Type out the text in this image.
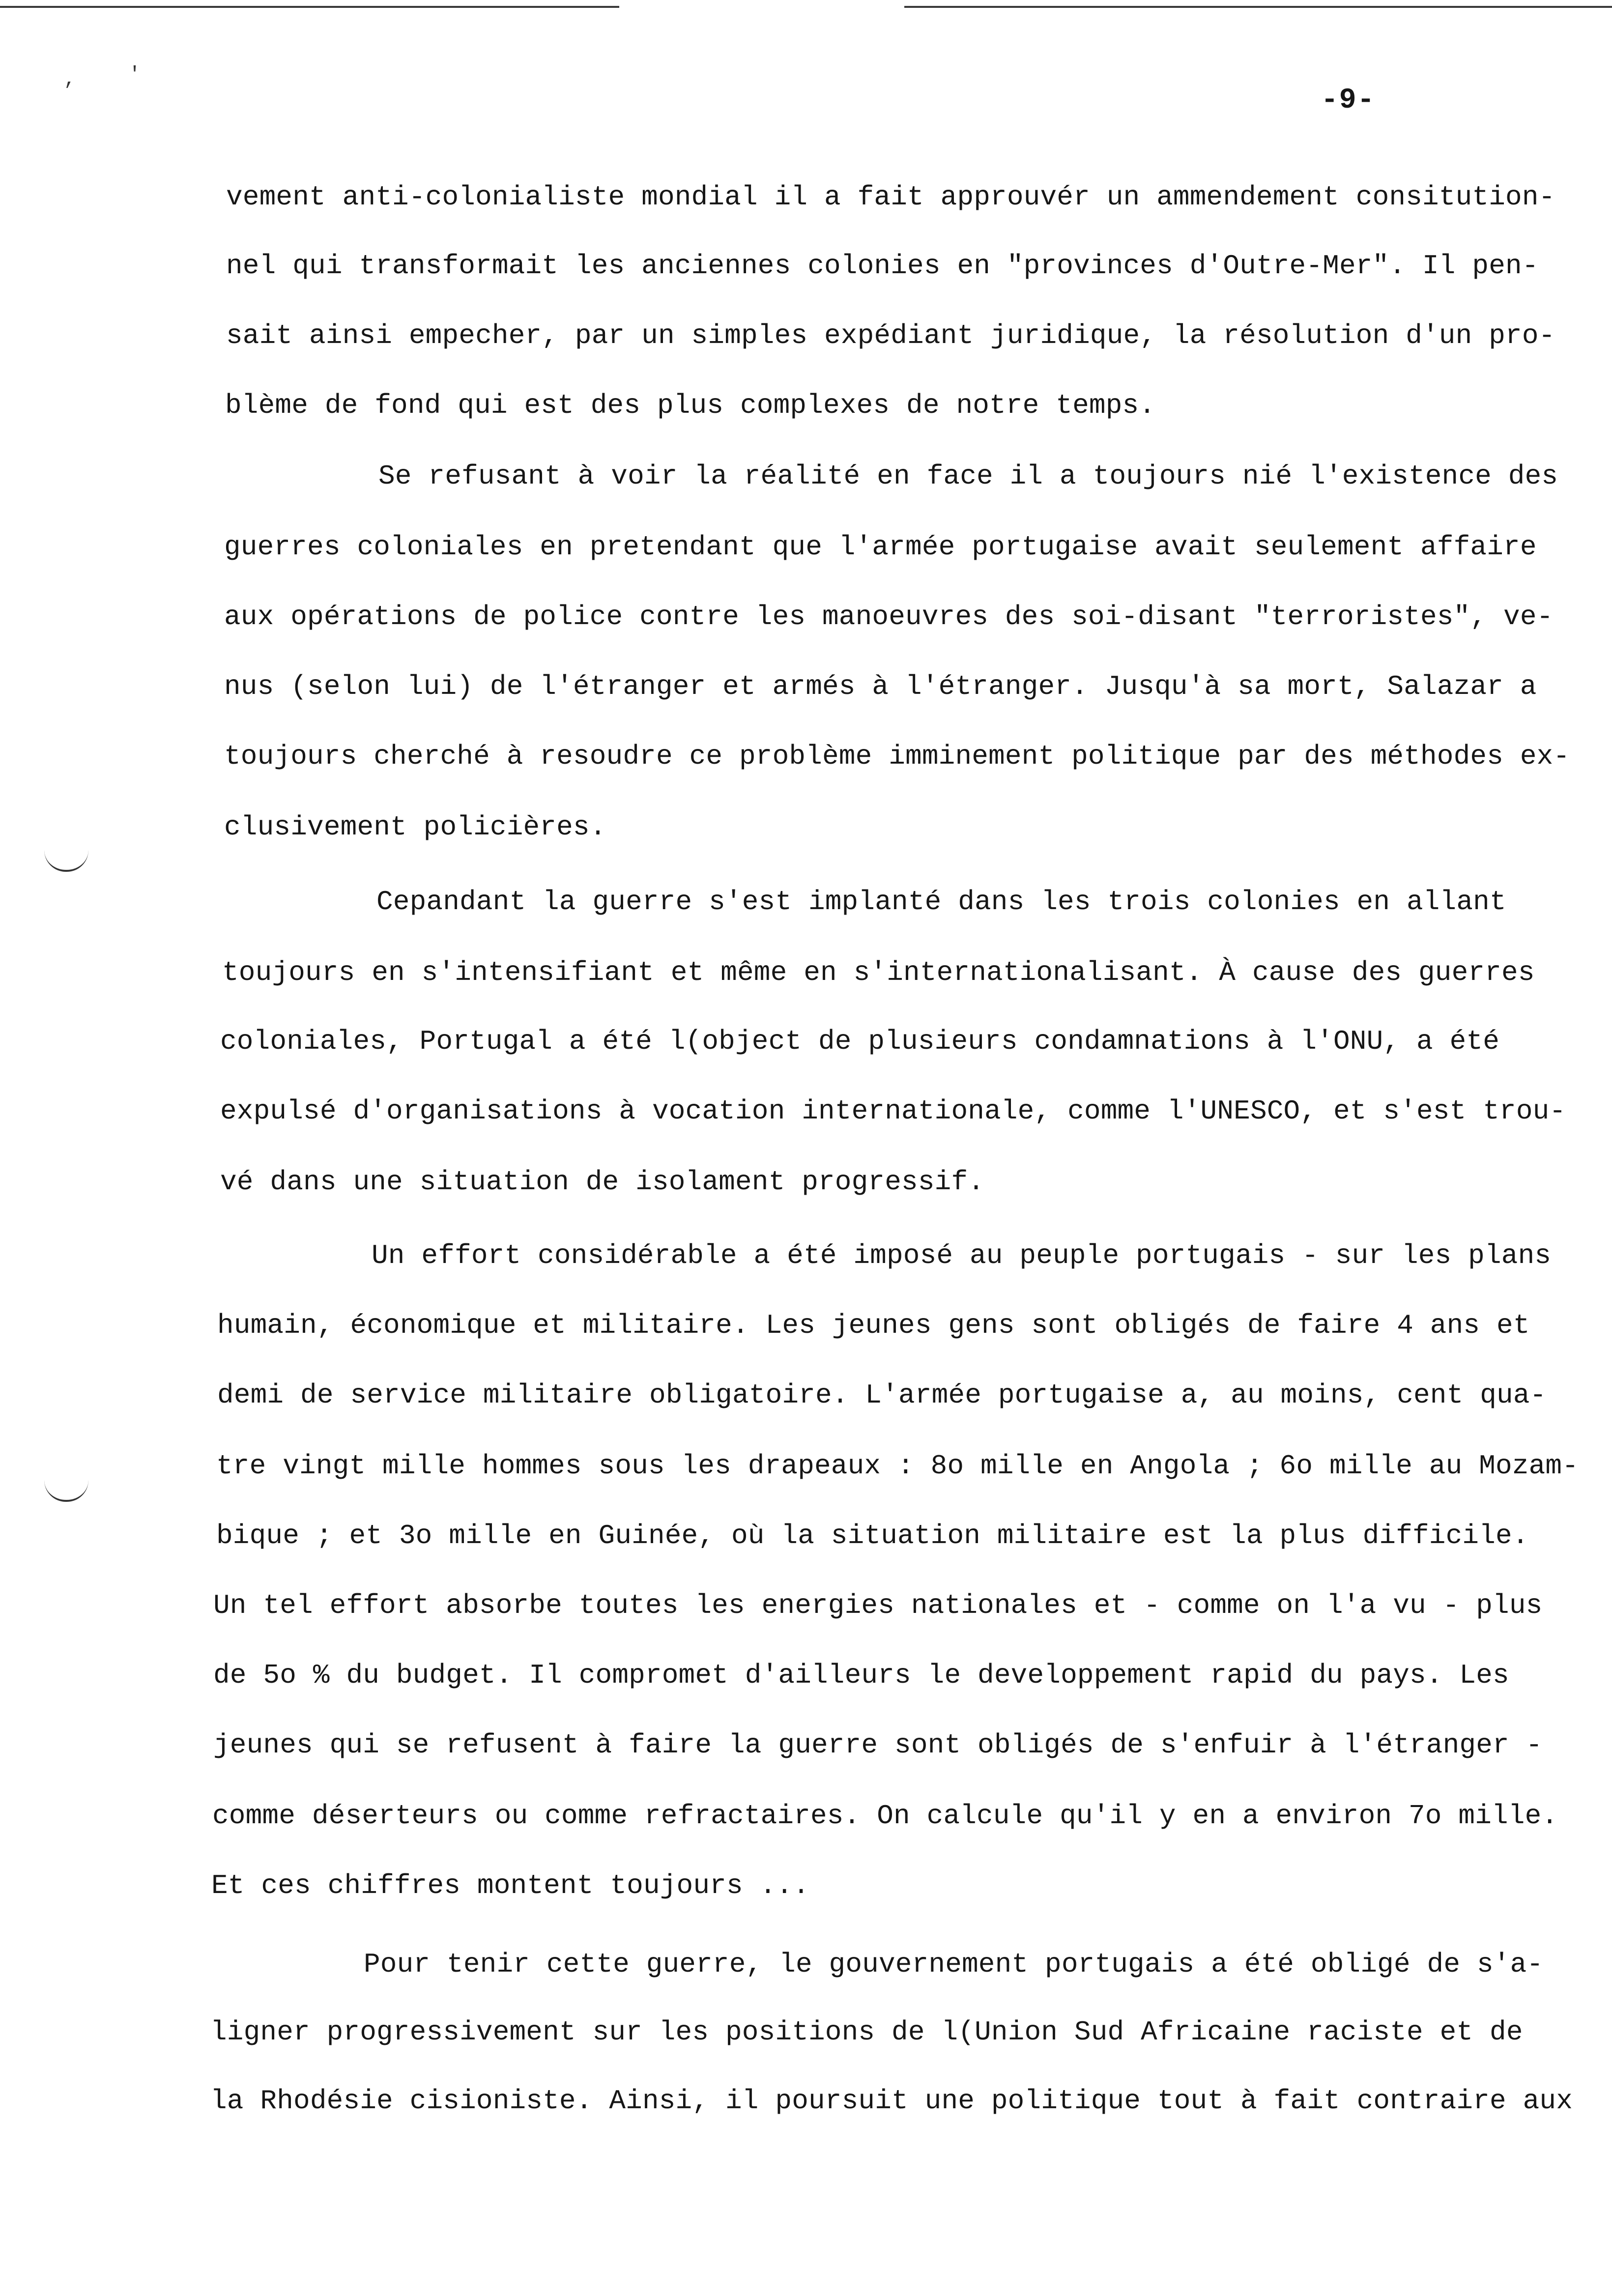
,	'
-9-
vement anti-colonialiste mondial il a fait approuvér un ammendement consitution-
nel qui transformait les anciennes colonies en "provinces d'Outre-Mer". Il pen-
sait ainsi empecher, par un simples expédiant juridique, la résolution d'un pro-
blème de fond qui est des plus complexes de notre temps.
Se refusant à voir la réalité en face il a toujours nié l'existence des
guerres coloniales en pretendant que l'armée portugaise avait seulement affaire
aux opérations de police contre les manoeuvres des soi-disant "terroristes", ve-
nus (selon lui) de l'étranger et armés à l'étranger. Jusqu'à sa mort, Salazar a
toujours cherché à resoudre ce problème imminement politique par des méthodes ex-
clusivement policières.
Cepandant la guerre s'est implanté dans les trois colonies en allant
toujours en s'intensifiant et même en s'internationalisant. À cause des guerres
coloniales, Portugal a été l(object de plusieurs condamnations à l'ONU, a été
expulsé d'organisations à vocation internationale, comme l'UNESCO, et s'est trou-
vé dans une situation de isolament progressif.
Un effort considérable a été imposé au peuple portugais - sur les plans
humain, économique et militaire. Les jeunes gens sont obligés de faire 4 ans et
demi de service militaire obligatoire. L'armée portugaise a, au moins, cent qua-
tre vingt mille hommes sous les drapeaux : 8o mille en Angola ; 6o mille au Mozam-
bique ; et 3o mille en Guinée, où la situation militaire est la plus difficile.
Un tel effort absorbe toutes les energies nationales et - comme on l'a vu - plus
de 5o % du budget. Il compromet d'ailleurs le developpement rapid du pays. Les
jeunes qui se refusent à faire la guerre sont obligés de s'enfuir à l'étranger -
comme déserteurs ou comme refractaires. On calcule qu'il y en a environ 7o mille.
Et ces chiffres montent toujours ...
Pour tenir cette guerre, le gouvernement portugais a été obligé de s'a-
ligner progressivement sur les positions de l(Union Sud Africaine raciste et de
la Rhodésie cisioniste. Ainsi, il poursuit une politique tout à fait contraire aux
